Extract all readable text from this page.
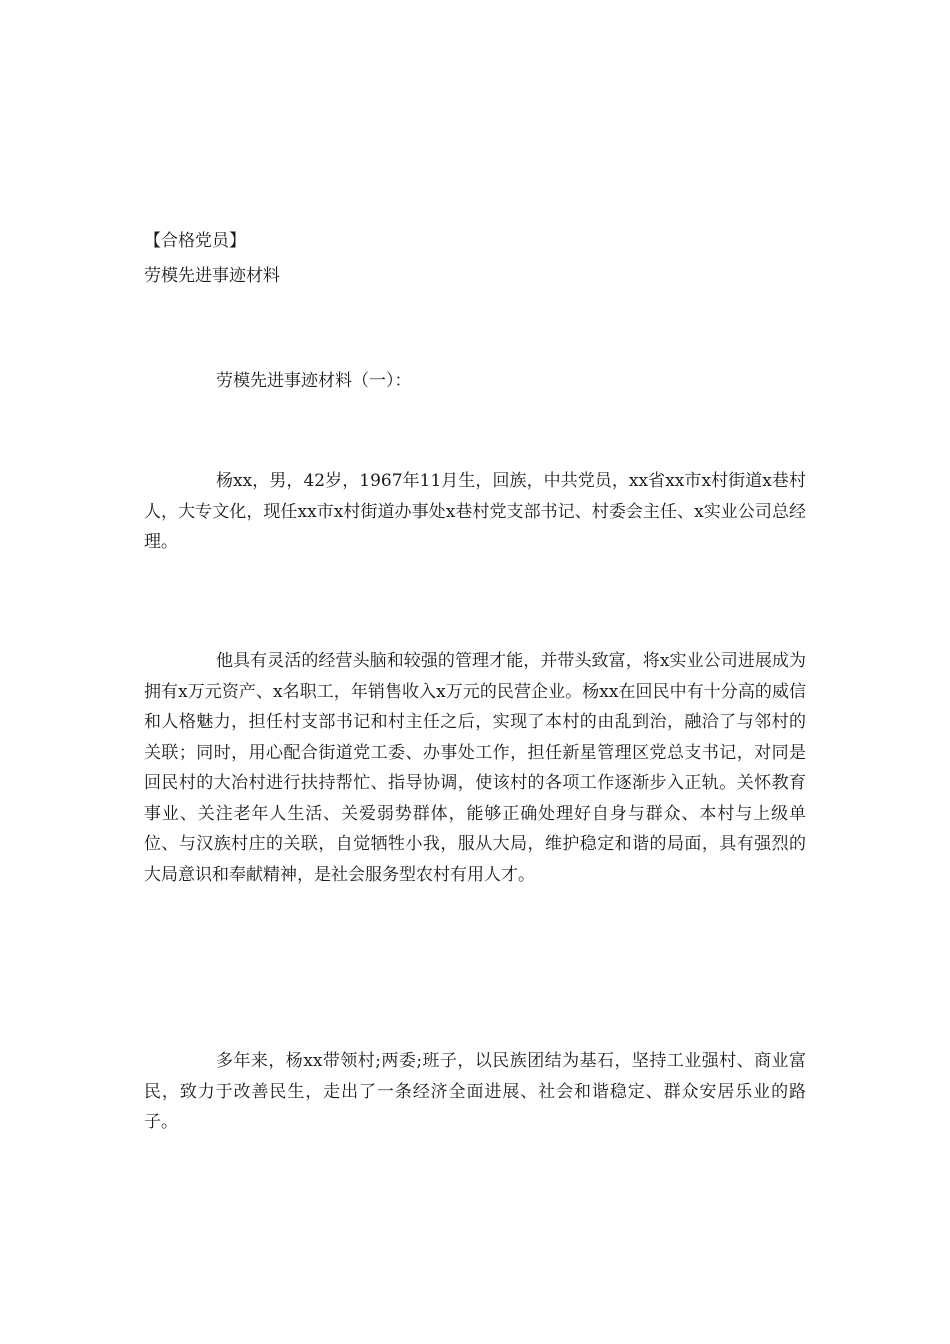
【合格党员】
劳模先进事迹材料
劳模先进事迹材料（一）：

杨xx，男，42岁，1967年11月生，回族，中共党员，xx省xx市x村街道x巷村人，大专文化，现任xx市x村街道办事处x巷村党支部书记、村委会主任、x实业公司总经理。

他具有灵活的经营头脑和较强的管理才能，并带头致富，将x实业公司进展成为拥有x万元资产、x名职工，年销售收入x万元的民营企业。杨xx在回民中有十分高的威信和人格魅力，担任村支部书记和村主任之后，实现了本村的由乱到治，融洽了与邻村的关联；同时，用心配合街道党工委、办事处工作，担任新星管理区党总支书记，对同是回民村的大冶村进行扶持帮忙、指导协调，使该村的各项工作逐渐步入正轨。关怀教育事业、关注老年人生活、关爱弱势群体，能够正确处理好自身与群众、本村与上级单位、与汉族村庄的关联，自觉牺牲小我，服从大局，维护稳定和谐的局面，具有强烈的大局意识和奉献精神，是社会服务型农村有用人才。

多年来，杨xx带领村;两委;班子，以民族团结为基石，坚持工业强村、商业富民，致力于改善民生，走出了一条经济全面进展、社会和谐稳定、群众安居乐业的路子。
